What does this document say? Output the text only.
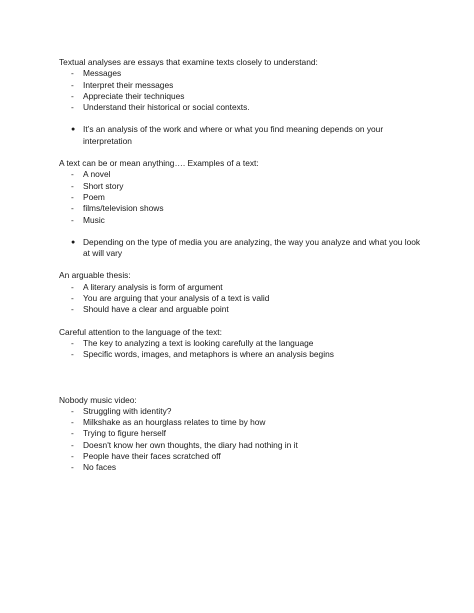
Textual analyses are essays that examine texts closely to understand:

- Messages
- Interpret their messages
- Appreciate their techniques
- Understand their historical or social contexts.
● It’s an analysis of the work and where or what you find meaning depends on your interpretation

A text can be or mean anything…. Examples of a text:

- A novel
- Short story
- Poem
- films/television shows
- Music
● Depending on the type of media you are analyzing, the way you analyze and what you look at will vary

An arguable thesis:

- A literary analysis is form of argument
- You are arguing that your analysis of a text is valid
- Should have a clear and arguable point

Careful attention to the language of the text:

- The key to analyzing a text is looking carefully at the language
- Specific words, images, and metaphors is where an analysis begins

Nobody music video:

- Struggling with identity?
- Milkshake as an hourglass relates to time by how
- Trying to figure herself
- Doesn't know her own thoughts, the diary had nothing in it
- People have their faces scratched off
- No faces
